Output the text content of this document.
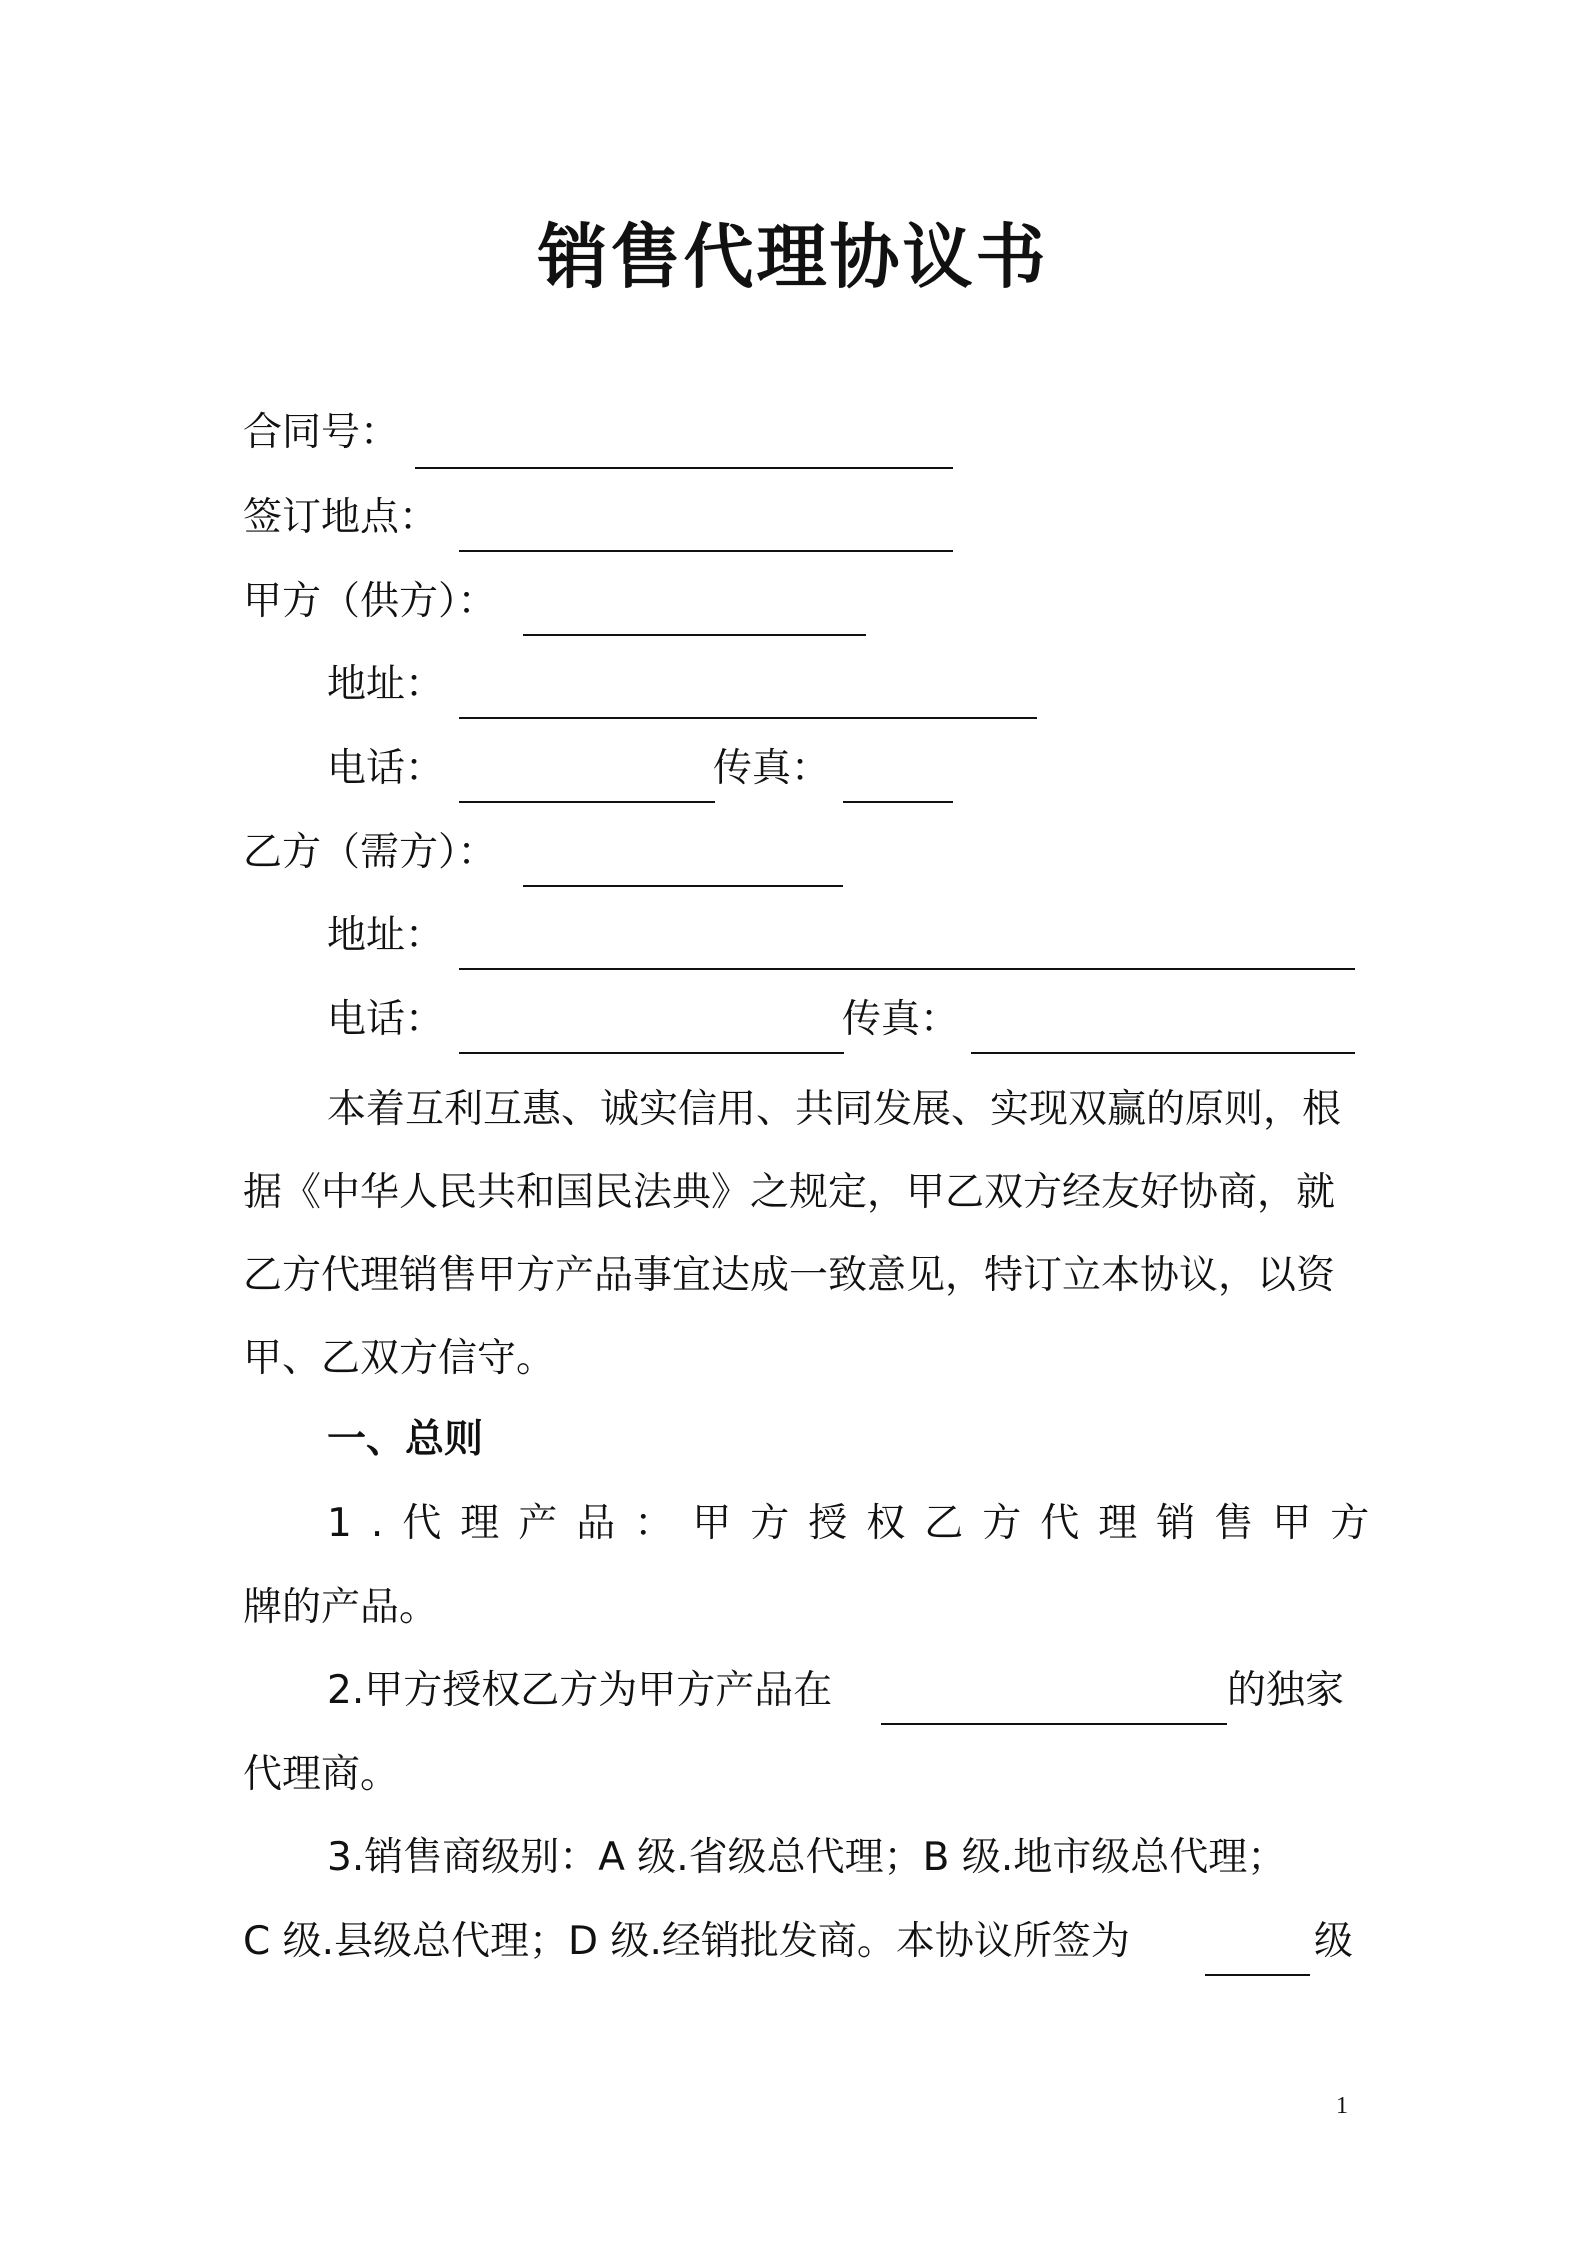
销售代理协议书
合同号：
签订地点：
甲方（供方）：
地址：
电话：	传真：
乙方（需方）：
地址：
电话：	传真：
本着互利互惠、诚实信用、共同发展、实现双赢的原则，根据《中华人民共和国民法典》之规定，甲乙双方经友好协商，就乙方代理销售甲方产品事宜达成一致意见，特订立本协议，以资甲、乙双方信守。
一、总则
1.代理产品：甲方授权乙方代理销售甲方
牌的产品。
2.甲方授权乙方为甲方产品在	的独家
代理商。
3.销售商级别：A 级.省级总代理；B 级.地市级总代理；
C 级.县级总代理；D 级.经销批发商。本协议所签为	级
1
